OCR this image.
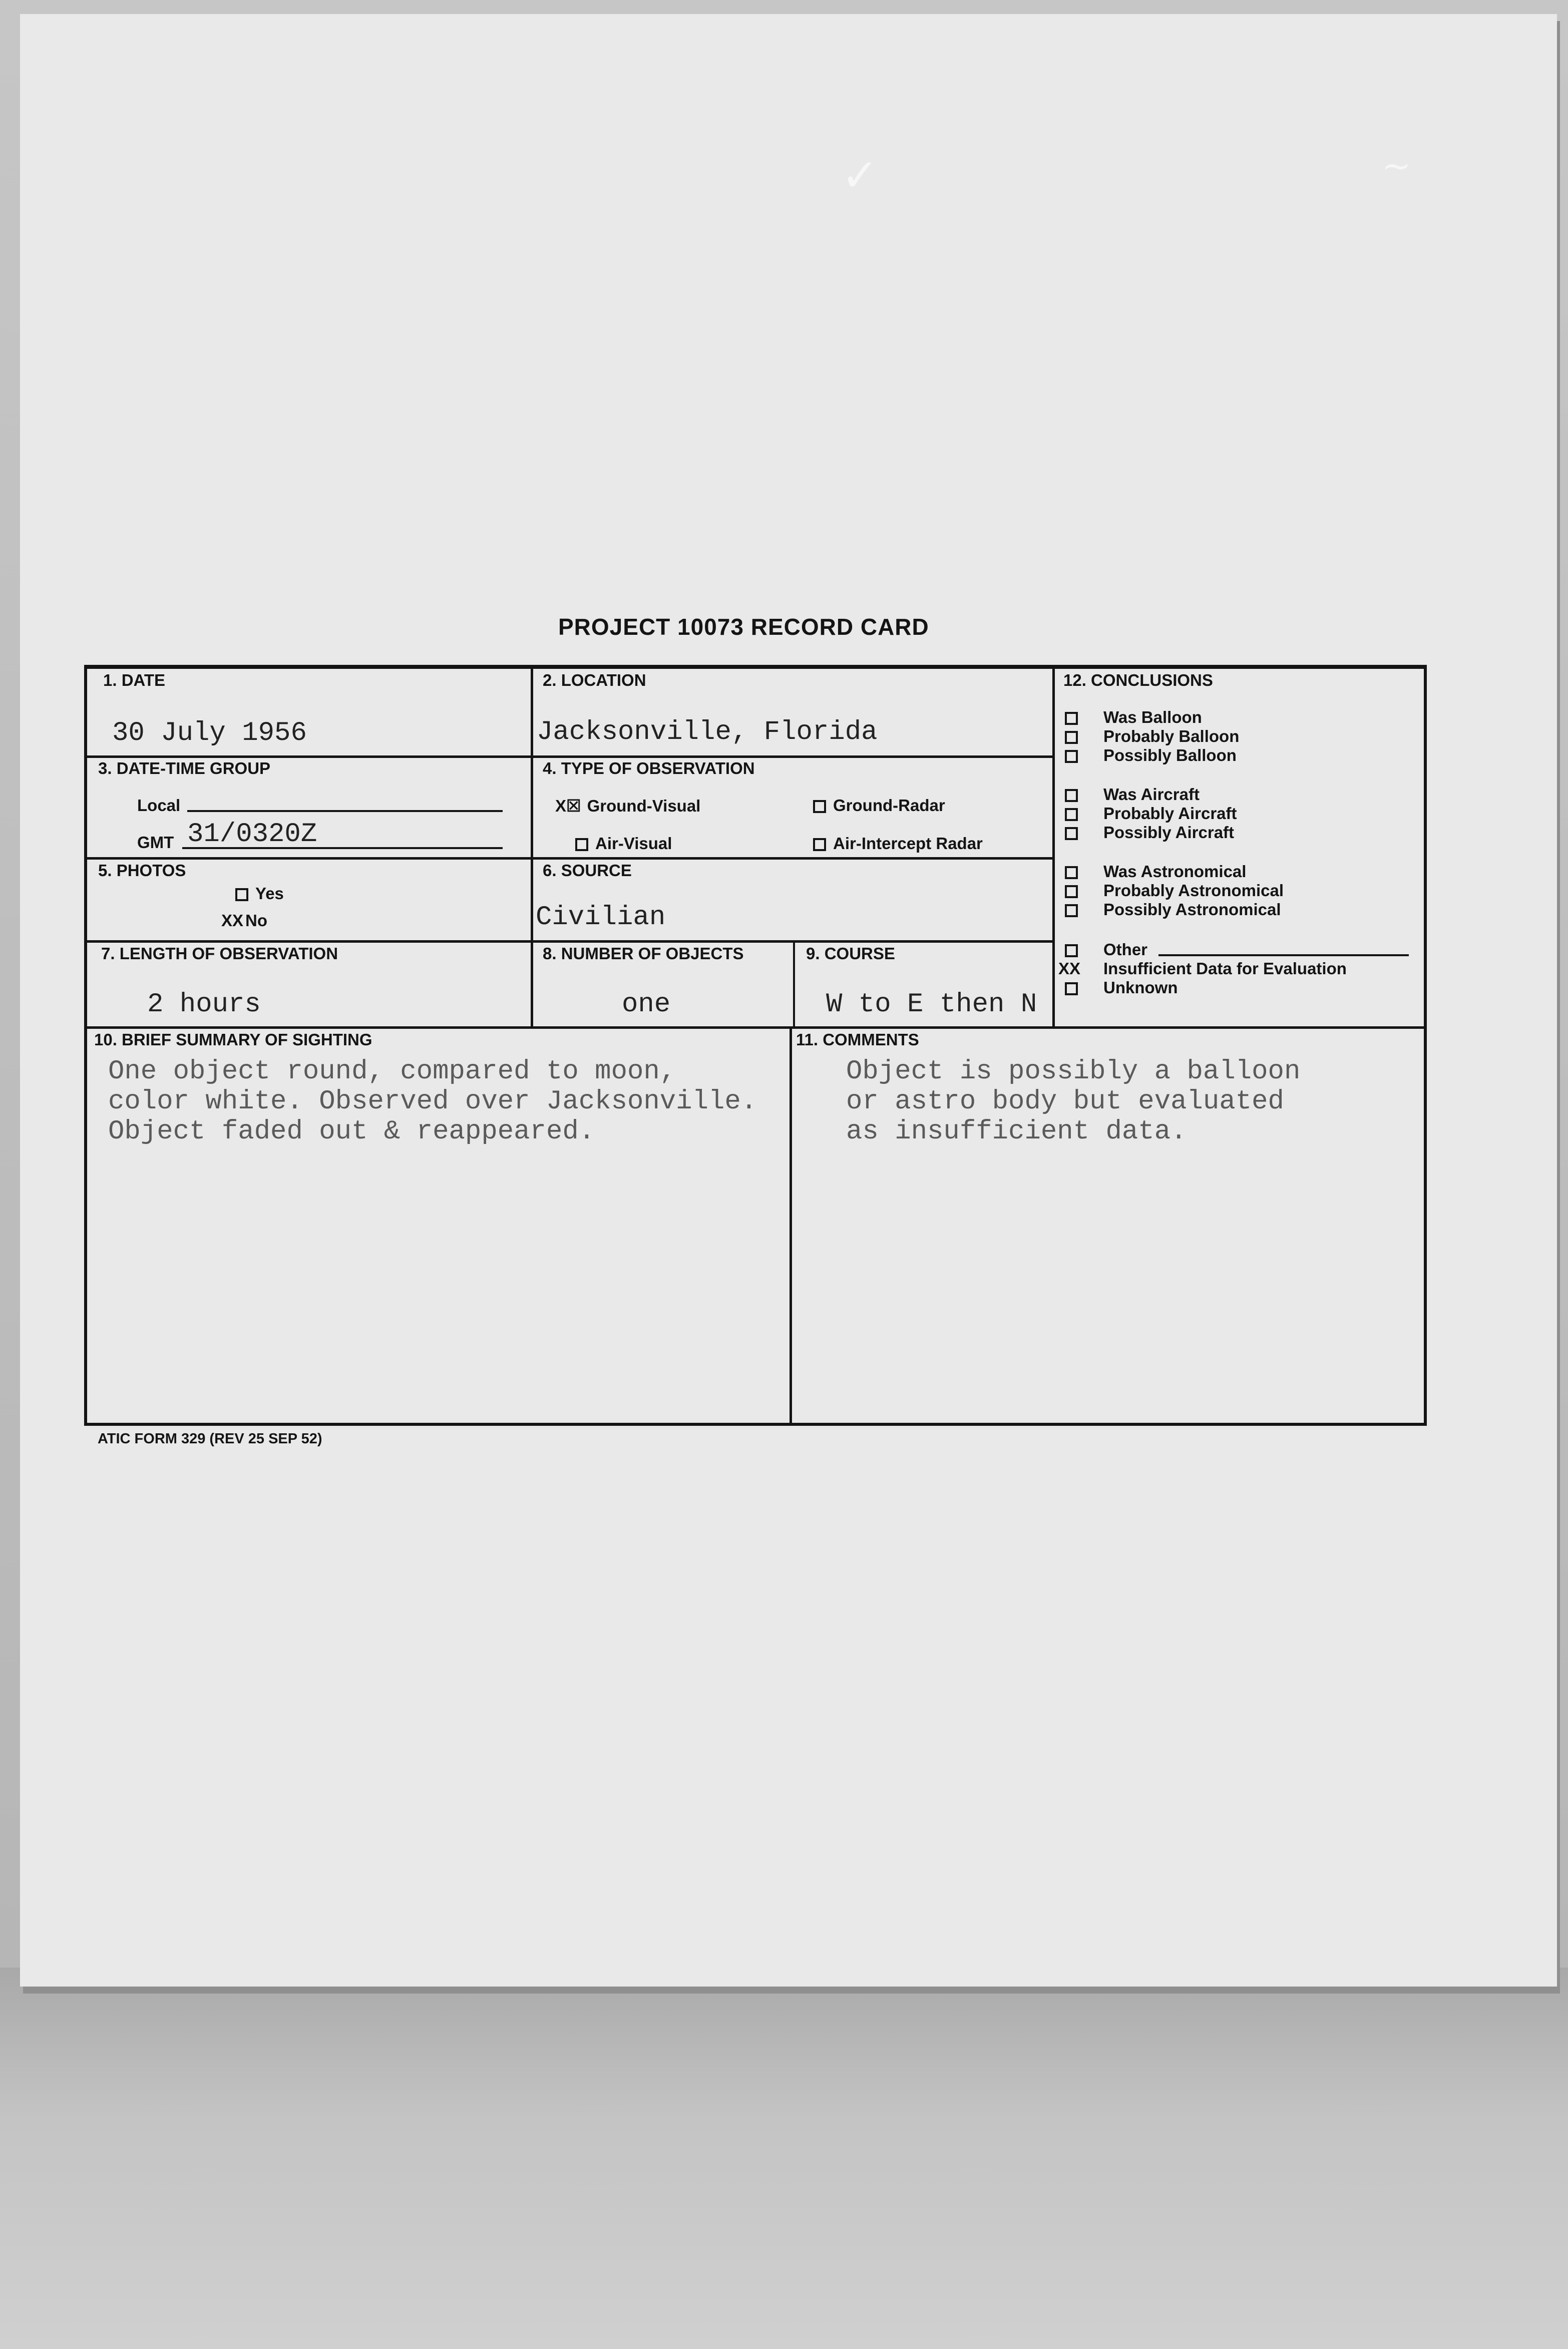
✓	~
PROJECT 10073 RECORD CARD
1. DATE
30 July 1956
2. LOCATION
Jacksonville, Florida
3. DATE-TIME GROUP
Local
GMT 31/0320Z
4. TYPE OF OBSERVATION
X☒ Ground-Visual	Ground-Radar
Air-Visual	Air-Intercept Radar
5. PHOTOS
Yes
XX No
6. SOURCE
Civilian
7. LENGTH OF OBSERVATION
2 hours
8. NUMBER OF OBJECTS
one
9. COURSE
W to E then N
10. BRIEF SUMMARY OF SIGHTING
One object round, compared to moon,
color white. Observed over Jacksonville.
Object faded out & reappeared.
11. COMMENTS
Object is possibly a balloon
or astro body but evaluated
as insufficient data.
12. CONCLUSIONS
Was Balloon
Probably Balloon
Possibly Balloon
Was Aircraft
Probably Aircraft
Possibly Aircraft
Was Astronomical
Probably Astronomical
Possibly Astronomical
Other
XX Insufficient Data for Evaluation
Unknown
ATIC FORM 329 (REV 25 SEP 52)
